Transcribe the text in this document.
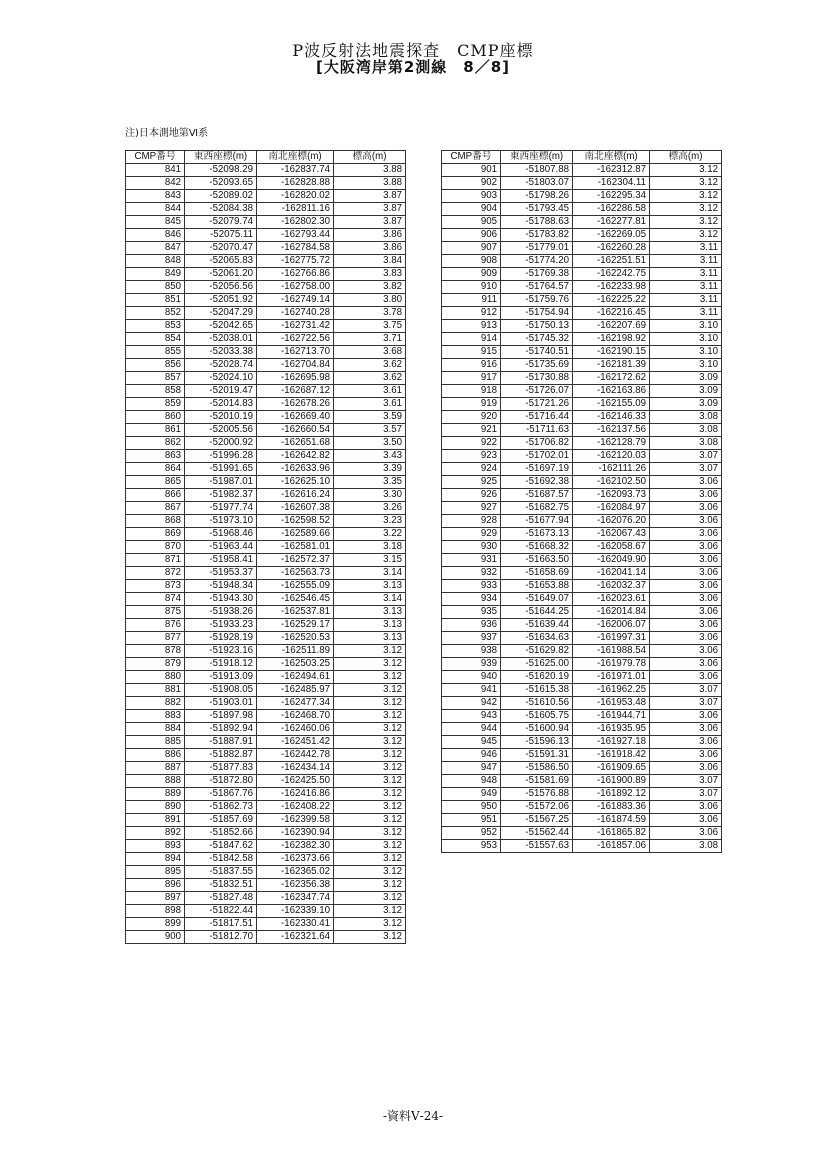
P波反射法地震探査　CMP座標
[大阪湾岸第2測線　8／8]
注)日本測地第Ⅵ系
CMP番号	東西座標(m)	南北座標(m)	標高(m)
841	-52098.29	-162837.74	3.88
842	-52093.65	-162828.88	3.88
843	-52089.02	-162820.02	3.87
844	-52084.38	-162811.16	3.87
845	-52079.74	-162802.30	3.87
846	-52075.11	-162793.44	3.86
847	-52070.47	-162784.58	3.86
848	-52065.83	-162775.72	3.84
849	-52061.20	-162766.86	3.83
850	-52056.56	-162758.00	3.82
851	-52051.92	-162749.14	3.80
852	-52047.29	-162740.28	3.78
853	-52042.65	-162731.42	3.75
854	-52038.01	-162722.56	3.71
855	-52033.38	-162713.70	3.68
856	-52028.74	-162704.84	3.62
857	-52024.10	-162695.98	3.62
858	-52019.47	-162687.12	3.61
859	-52014.83	-162678.26	3.61
860	-52010.19	-162669.40	3.59
861	-52005.56	-162660.54	3.57
862	-52000.92	-162651.68	3.50
863	-51996.28	-162642.82	3.43
864	-51991.65	-162633.96	3.39
865	-51987.01	-162625.10	3.35
866	-51982.37	-162616.24	3.30
867	-51977.74	-162607.38	3.26
868	-51973.10	-162598.52	3.23
869	-51968.46	-162589.66	3.22
870	-51963.44	-162581.01	3.18
871	-51958.41	-162572.37	3.15
872	-51953.37	-162563.73	3.14
873	-51948.34	-162555.09	3.13
874	-51943.30	-162546.45	3.14
875	-51938.26	-162537.81	3.13
876	-51933.23	-162529.17	3.13
877	-51928.19	-162520.53	3.13
878	-51923.16	-162511.89	3.12
879	-51918.12	-162503.25	3.12
880	-51913.09	-162494.61	3.12
881	-51908.05	-162485.97	3.12
882	-51903.01	-162477.34	3.12
883	-51897.98	-162468.70	3.12
884	-51892.94	-162460.06	3.12
885	-51887.91	-162451.42	3.12
886	-51882.87	-162442.78	3.12
887	-51877.83	-162434.14	3.12
888	-51872.80	-162425.50	3.12
889	-51867.76	-162416.86	3.12
890	-51862.73	-162408.22	3.12
891	-51857.69	-162399.58	3.12
892	-51852.66	-162390.94	3.12
893	-51847.62	-162382.30	3.12
894	-51842.58	-162373.66	3.12
895	-51837.55	-162365.02	3.12
896	-51832.51	-162356.38	3.12
897	-51827.48	-162347.74	3.12
898	-51822.44	-162339.10	3.12
899	-51817.51	-162330.41	3.12
900	-51812.70	-162321.64	3.12
CMP番号	東西座標(m)	南北座標(m)	標高(m)
901	-51807.88	-162312.87	3.12
902	-51803.07	-162304.11	3.12
903	-51798.26	-162295.34	3.12
904	-51793.45	-162286.58	3.12
905	-51788.63	-162277.81	3.12
906	-51783.82	-162269.05	3.12
907	-51779.01	-162260.28	3.11
908	-51774.20	-162251.51	3.11
909	-51769.38	-162242.75	3.11
910	-51764.57	-162233.98	3.11
911	-51759.76	-162225.22	3.11
912	-51754.94	-162216.45	3.11
913	-51750.13	-162207.69	3.10
914	-51745.32	-162198.92	3.10
915	-51740.51	-162190.15	3.10
916	-51735.69	-162181.39	3.10
917	-51730.88	-162172.62	3.09
918	-51726.07	-162163.86	3.09
919	-51721.26	-162155.09	3.09
920	-51716.44	-162146.33	3.08
921	-51711.63	-162137.56	3.08
922	-51706.82	-162128.79	3.08
923	-51702.01	-162120.03	3.07
924	-51697.19	-162111.26	3.07
925	-51692.38	-162102.50	3.06
926	-51687.57	-162093.73	3.06
927	-51682.75	-162084.97	3.06
928	-51677.94	-162076.20	3.06
929	-51673.13	-162067.43	3.06
930	-51668.32	-162058.67	3.06
931	-51663.50	-162049.90	3.06
932	-51658.69	-162041.14	3.06
933	-51653.88	-162032.37	3.06
934	-51649.07	-162023.61	3.06
935	-51644.25	-162014.84	3.06
936	-51639.44	-162006.07	3.06
937	-51634.63	-161997.31	3.06
938	-51629.82	-161988.54	3.06
939	-51625.00	-161979.78	3.06
940	-51620.19	-161971.01	3.06
941	-51615.38	-161962.25	3.07
942	-51610.56	-161953.48	3.07
943	-51605.75	-161944.71	3.06
944	-51600.94	-161935.95	3.06
945	-51596.13	-161927.18	3.06
946	-51591.31	-161918.42	3.06
947	-51586.50	-161909.65	3.06
948	-51581.69	-161900.89	3.07
949	-51576.88	-161892.12	3.07
950	-51572.06	-161883.36	3.06
951	-51567.25	-161874.59	3.06
952	-51562.44	-161865.82	3.06
953	-51557.63	-161857.06	3.08
-資料Ⅴ-24-
